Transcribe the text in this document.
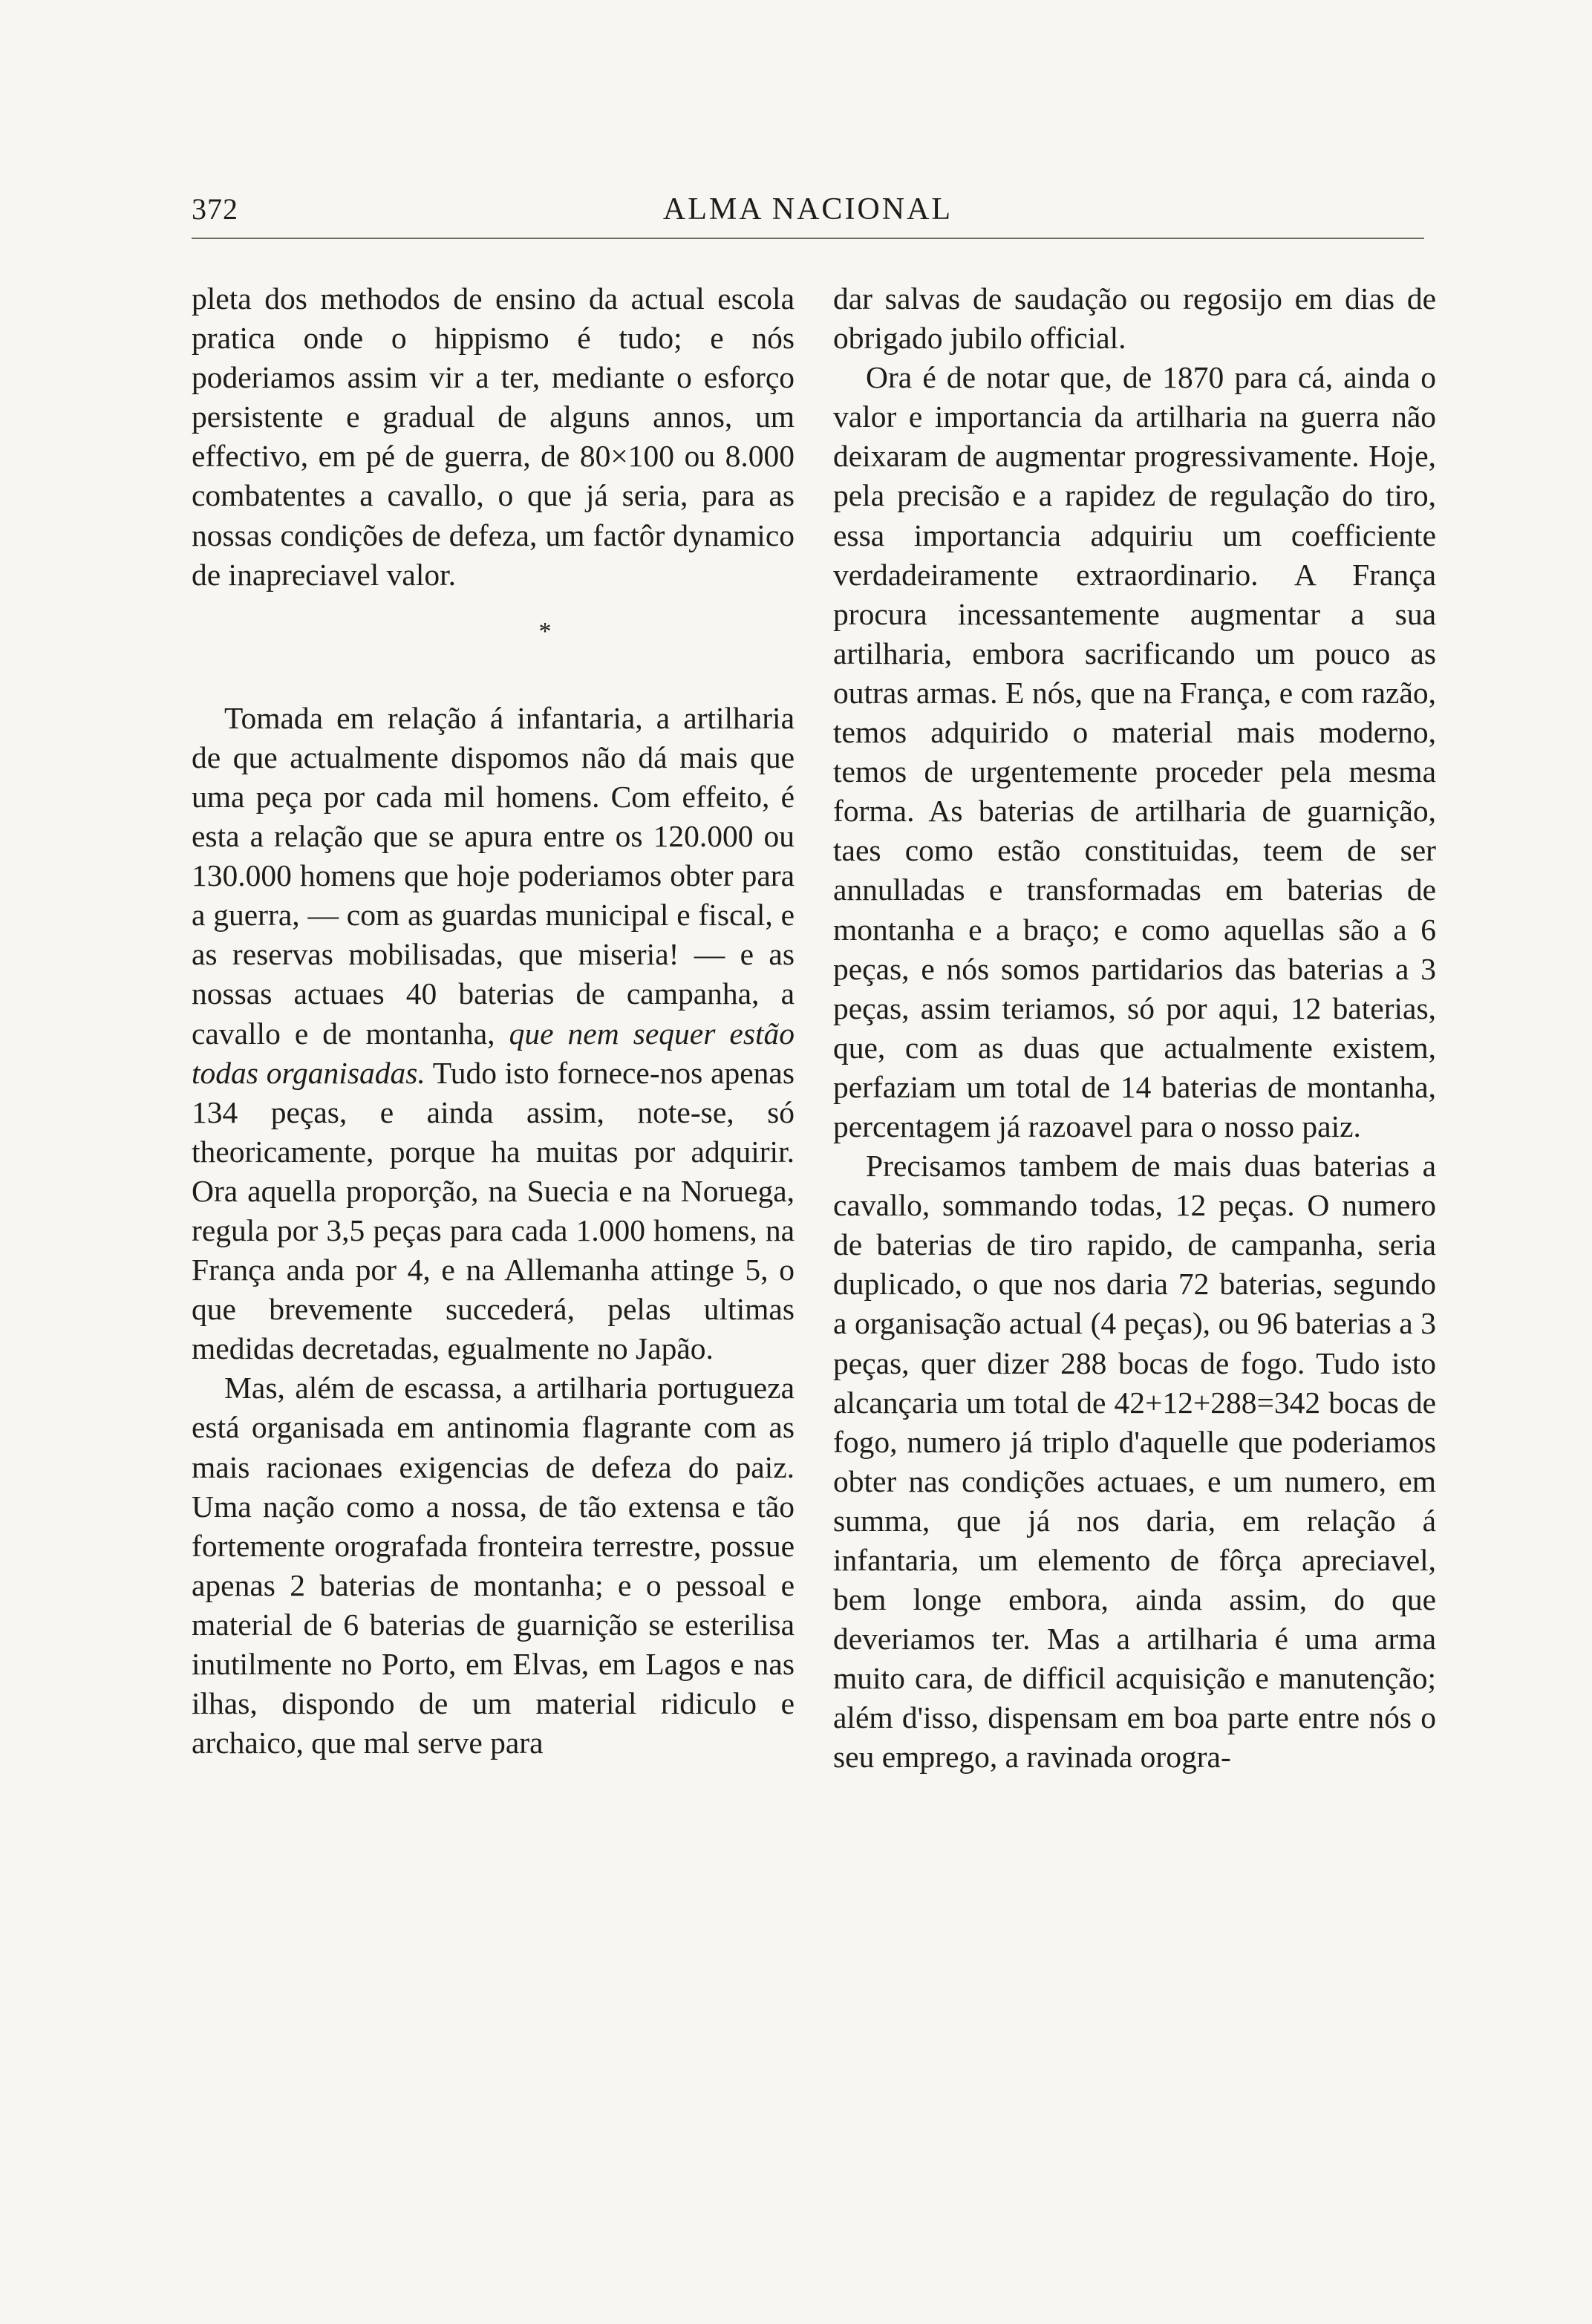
372	ALMA NACIONAL

pleta dos methodos de ensino da actual escola pratica onde o hippismo é tudo; e nós poderiamos assim vir a ter, mediante o esforço persistente e gradual de alguns annos, um effectivo, em pé de guerra, de 80×100 ou 8.000 combatentes a cavallo, o que já seria, para as nossas condições de defeza, um factôr dynamico de inapreciavel valor.

*

Tomada em relação á infantaria, a artilharia de que actualmente dispomos não dá mais que uma peça por cada mil homens. Com effeito, é esta a relação que se apura entre os 120.000 ou 130.000 homens que hoje poderiamos obter para a guerra, — com as guardas municipal e fiscal, e as reservas mobilisadas, que miseria! — e as nossas actuaes 40 baterias de campanha, a cavallo e de montanha, que nem sequer estão todas organisadas. Tudo isto fornece-nos apenas 134 peças, e ainda assim, note-se, só theoricamente, porque ha muitas por adquirir. Ora aquella proporção, na Suecia e na Noruega, regula por 3,5 peças para cada 1.000 homens, na França anda por 4, e na Allemanha attinge 5, o que brevemente succederá, pelas ultimas medidas decretadas, egualmente no Japão.

Mas, além de escassa, a artilharia portugueza está organisada em antinomia flagrante com as mais racionaes exigencias de defeza do paiz. Uma nação como a nossa, de tão extensa e tão fortemente orografada fronteira terrestre, possue apenas 2 baterias de montanha; e o pessoal e material de 6 baterias de guarnição se esterilisa inutilmente no Porto, em Elvas, em Lagos e nas ilhas, dispondo de um material ridiculo e archaico, que mal serve para

dar salvas de saudação ou regosijo em dias de obrigado jubilo official.

Ora é de notar que, de 1870 para cá, ainda o valor e importancia da artilharia na guerra não deixaram de augmentar progressivamente. Hoje, pela precisão e a rapidez de regulação do tiro, essa importancia adquiriu um coefficiente verdadeiramente extraordinario. A França procura incessantemente augmentar a sua artilharia, embora sacrificando um pouco as outras armas. E nós, que na França, e com razão, temos adquirido o material mais moderno, temos de urgentemente proceder pela mesma forma. As baterias de artilharia de guarnição, taes como estão constituidas, teem de ser annulladas e transformadas em baterias de montanha e a braço; e como aquellas são a 6 peças, e nós somos partidarios das baterias a 3 peças, assim teriamos, só por aqui, 12 baterias, que, com as duas que actualmente existem, perfaziam um total de 14 baterias de montanha, percentagem já razoavel para o nosso paiz.

Precisamos tambem de mais duas baterias a cavallo, sommando todas, 12 peças. O numero de baterias de tiro rapido, de campanha, seria duplicado, o que nos daria 72 baterias, segundo a organisação actual (4 peças), ou 96 baterias a 3 peças, quer dizer 288 bocas de fogo. Tudo isto alcançaria um total de 42+12+288=342 bocas de fogo, numero já triplo d'aquelle que poderiamos obter nas condições actuaes, e um numero, em summa, que já nos daria, em relação á infantaria, um elemento de fôrça apreciavel, bem longe embora, ainda assim, do que deveriamos ter. Mas a artilharia é uma arma muito cara, de difficil acquisição e manutenção; além d'isso, dispensam em boa parte entre nós o seu emprego, a ravinada orogra-
